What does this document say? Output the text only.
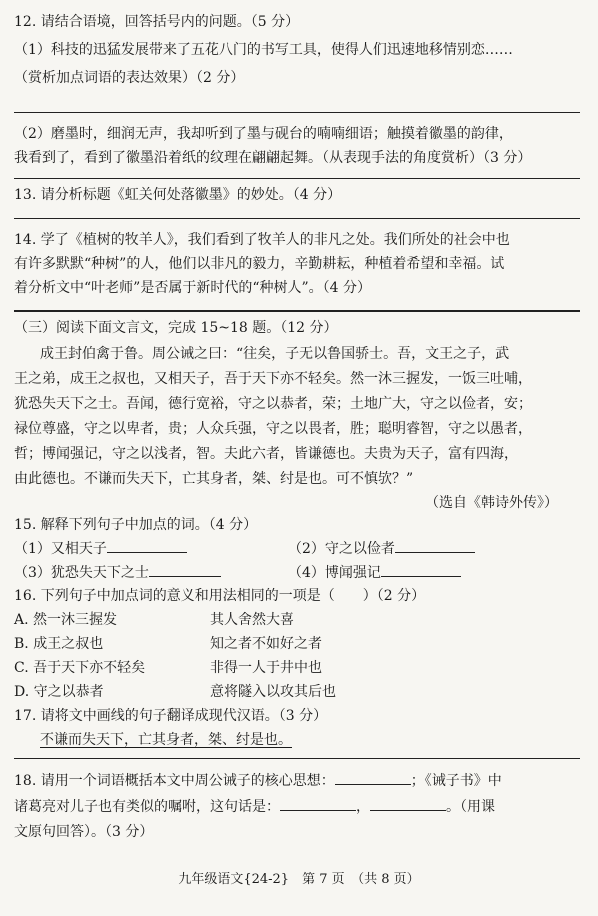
12. 请结合语境，回答括号内的问题。（5 分）
（1）科技的迅猛发展带来了五花八门的书写工具，使得人们迅速地移情别恋……
（赏析加点词语的表达效果）（2 分）
（2）磨墨时，细润无声，我却听到了墨与砚台的喃喃细语；触摸着徽墨的韵律，
我看到了，看到了徽墨沿着纸的纹理在翩翩起舞。（从表现手法的角度赏析）（3 分）
13. 请分析标题《虹关何处落徽墨》的妙处。（4 分）
14. 学了《植树的牧羊人》，我们看到了牧羊人的非凡之处。我们所处的社会中也
有许多默默“种树”的人，他们以非凡的毅力，辛勤耕耘，种植着希望和幸福。试
着分析文中“叶老师”是否属于新时代的“种树人”。（4 分）
（三）阅读下面文言文，完成 15~18 题。（12 分）
成王封伯禽于鲁。周公诫之曰：“往矣，子无以鲁国骄士。吾，文王之子，武
王之弟，成王之叔也，又相天子，吾于天下亦不轻矣。然一沐三握发，一饭三吐哺，
犹恐失天下之士。吾闻，德行宽裕，守之以恭者，荣；土地广大，守之以俭者，安；
禄位尊盛，守之以卑者，贵；人众兵强，守之以畏者，胜；聪明睿智，守之以愚者，
哲；博闻强记，守之以浅者，智。夫此六者，皆谦德也。夫贵为天子，富有四海，
由此德也。不谦而失天下，亡其身者，桀、纣是也。可不慎欤？”
（选自《韩诗外传》）
15. 解释下列句子中加点的词。（4 分）
（1）又相天子	（2）守之以俭者
（3）犹恐失天下之士	（4）博闻强记
16. 下列句子中加点词的意义和用法相同的一项是（　　）（2 分）
A. 然一沐三握发	其人舍然大喜
B. 成王之叔也	知之者不如好之者
C. 吾于天下亦不轻矣	非得一人于井中也
D. 守之以恭者	意将隧入以攻其后也
17. 请将文中画线的句子翻译成现代汉语。（3 分）
不谦而失天下，亡其身者，桀、纣是也。
18. 请用一个词语概括本文中周公诫子的核心思想：	；《诫子书》中
诸葛亮对儿子也有类似的嘱咐，这句话是：	，	。（用课
文原句回答）。（3 分）
九年级语文{24-2}　第 7 页　（共 8 页）
